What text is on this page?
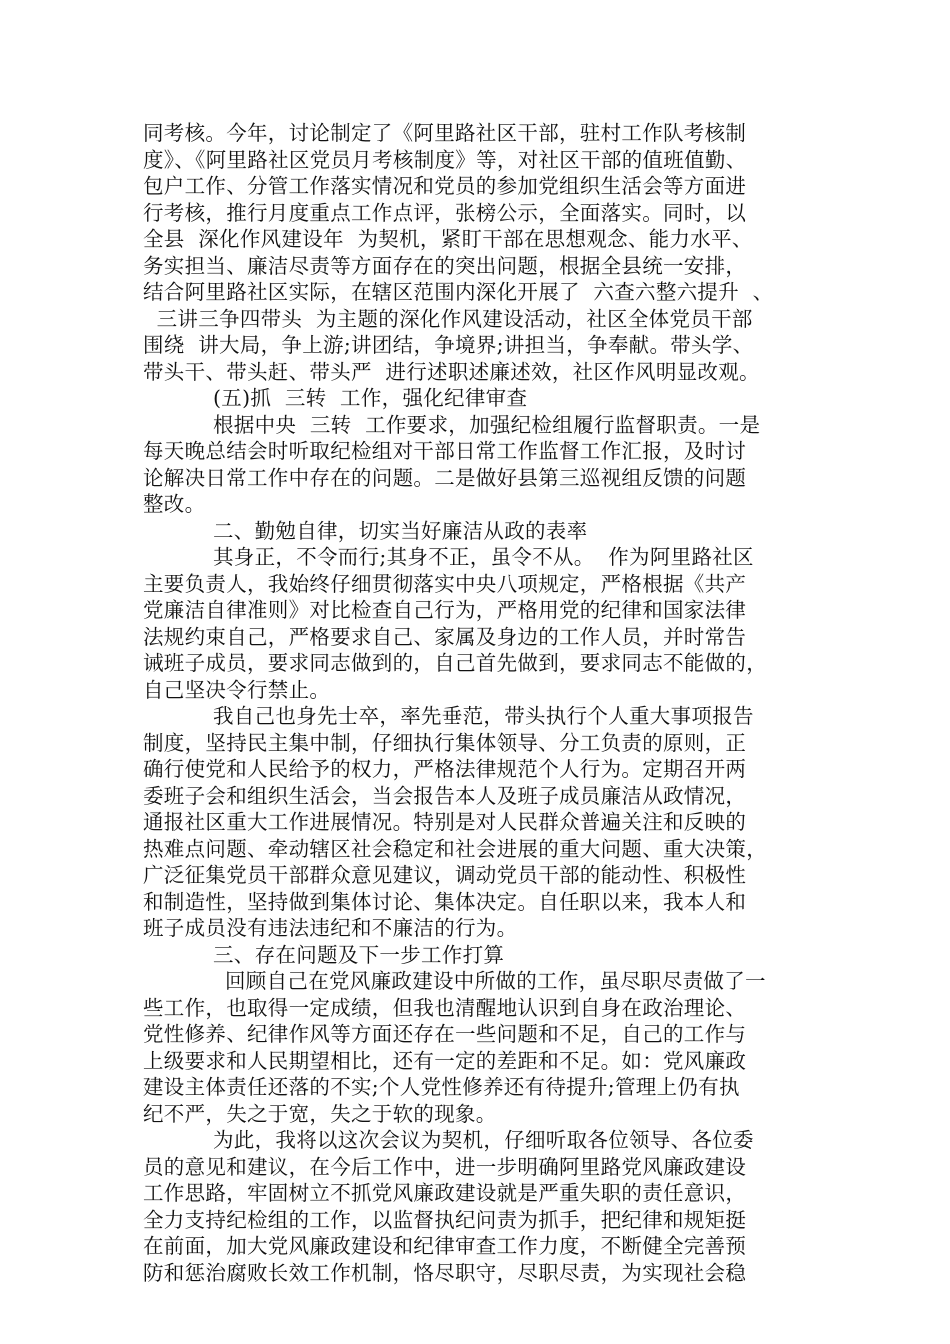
同考核。今年，讨论制定了《阿里路社区干部，驻村工作队考核制
度》、《阿里路社区党员月考核制度》等，对社区干部的值班值勤、
包户工作、分管工作落实情况和党员的参加党组织生活会等方面进
行考核，推行月度重点工作点评，张榜公示，全面落实。同时，以
全县  深化作风建设年  为契机，紧盯干部在思想观念、能力水平、
务实担当、廉洁尽责等方面存在的突出问题，根据全县统一安排，
结合阿里路社区实际，在辖区范围内深化开展了  六查六整六提升  、
三讲三争四带头  为主题的深化作风建设活动，社区全体党员干部
围绕  讲大局，争上游;讲团结，争境界;讲担当，争奉献。带头学、
带头干、带头赶、带头严  进行述职述廉述效，社区作风明显改观。
(五)抓  三转  工作，强化纪律审查
根据中央  三转  工作要求，加强纪检组履行监督职责。一是
每天晚总结会时听取纪检组对干部日常工作监督工作汇报，及时讨
论解决日常工作中存在的问题。二是做好县第三巡视组反馈的问题
整改。
二、勤勉自律，切实当好廉洁从政的表率
其身正，不令而行;其身不正，虽令不从。  作为阿里路社区
主要负责人，我始终仔细贯彻落实中央八项规定，严格根据《共产
党廉洁自律准则》对比检查自己行为，严格用党的纪律和国家法律
法规约束自己，严格要求自己、家属及身边的工作人员，并时常告
诫班子成员，要求同志做到的，自己首先做到，要求同志不能做的，
自己坚决令行禁止。
我自己也身先士卒，率先垂范，带头执行个人重大事项报告
制度，坚持民主集中制，仔细执行集体领导、分工负责的原则，正
确行使党和人民给予的权力，严格法律规范个人行为。定期召开两
委班子会和组织生活会，当会报告本人及班子成员廉洁从政情况，
通报社区重大工作进展情况。特别是对人民群众普遍关注和反映的
热难点问题、牵动辖区社会稳定和社会进展的重大问题、重大决策，
广泛征集党员干部群众意见建议，调动党员干部的能动性、积极性
和制造性，坚持做到集体讨论、集体决定。自任职以来，我本人和
班子成员没有违法违纪和不廉洁的行为。
三、存在问题及下一步工作打算
回顾自己在党风廉政建设中所做的工作，虽尽职尽责做了一
些工作，也取得一定成绩，但我也清醒地认识到自身在政治理论、
党性修养、纪律作风等方面还存在一些问题和不足，自己的工作与
上级要求和人民期望相比，还有一定的差距和不足。如：党风廉政
建设主体责任还落的不实;个人党性修养还有待提升;管理上仍有执
纪不严，失之于宽，失之于软的现象。
为此，我将以这次会议为契机，仔细听取各位领导、各位委
员的意见和建议，在今后工作中，进一步明确阿里路党风廉政建设
工作思路，牢固树立不抓党风廉政建设就是严重失职的责任意识，
全力支持纪检组的工作，以监督执纪问责为抓手，把纪律和规矩挺
在前面，加大党风廉政建设和纪律审查工作力度，不断健全完善预
防和惩治腐败长效工作机制，恪尽职守，尽职尽责，为实现社会稳
